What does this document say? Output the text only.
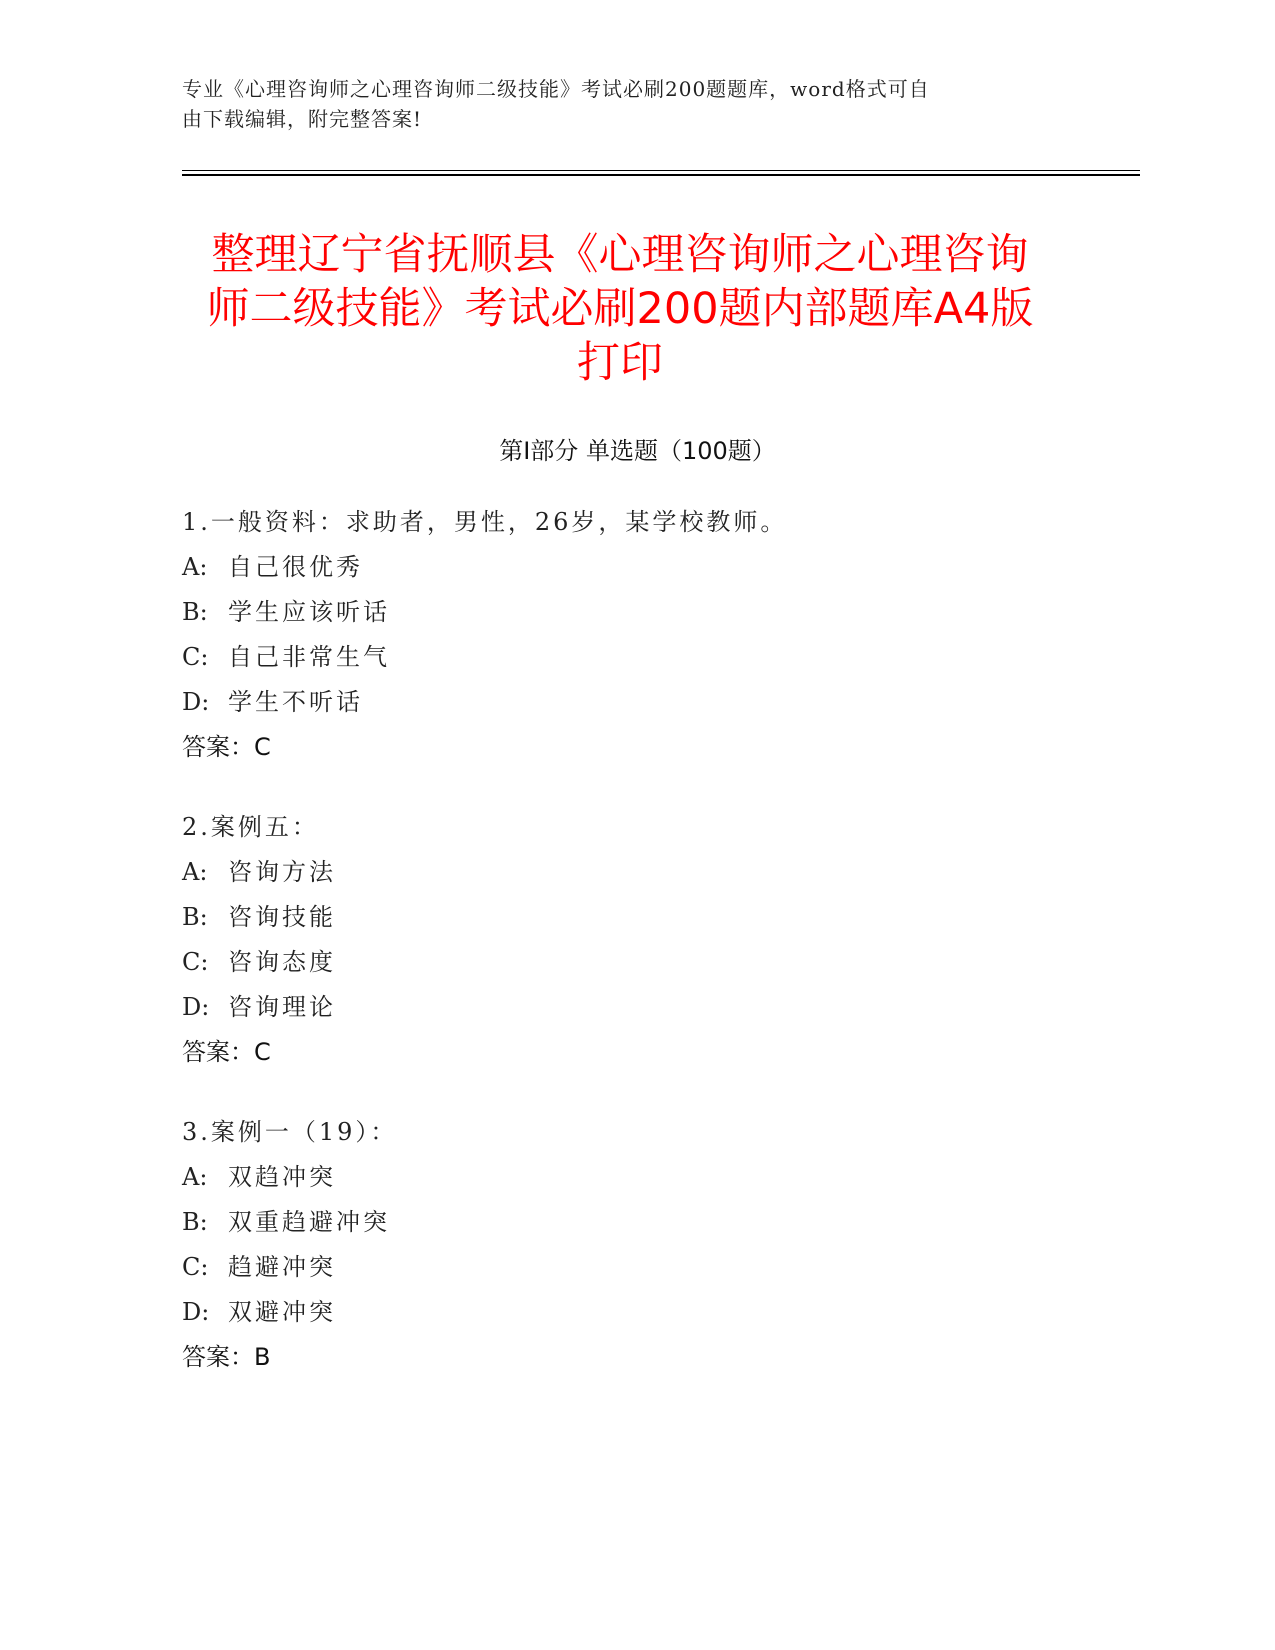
专业《心理咨询师之心理咨询师二级技能》考试必刷200题题库，word格式可自
由下载编辑，附完整答案!
整理辽宁省抚顺县《心理咨询师之心理咨询
师二级技能》考试必刷200题内部题库A4版
打印
第Ⅰ部分 单选题（100题）
1.一般资料：求助者，男性，26岁，某学校教师。
A: 自己很优秀
B: 学生应该听话
C: 自己非常生气
D: 学生不听话
答案：C
2.案例五：
A: 咨询方法
B: 咨询技能
C: 咨询态度
D: 咨询理论
答案：C
3.案例一（19）：
A: 双趋冲突
B: 双重趋避冲突
C: 趋避冲突
D: 双避冲突
答案：B
